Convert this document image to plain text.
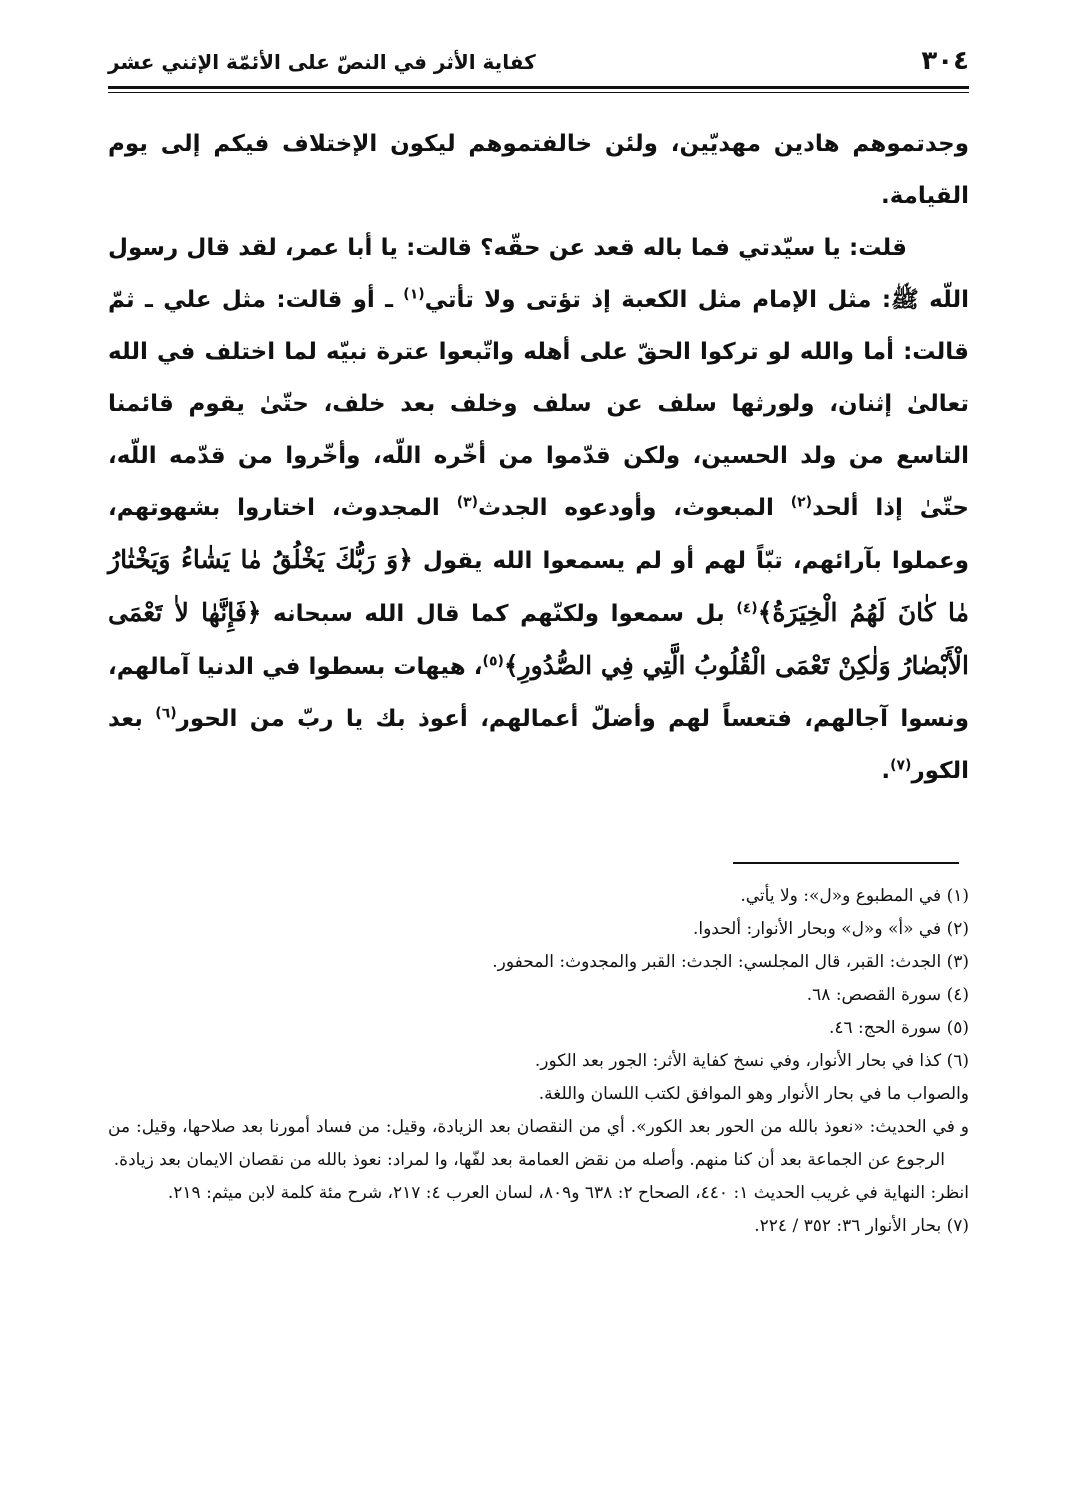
٣٠٤
كفاية الأثر في النصّ على الأئمّة الإثني عشر

وجدتموهم هادين مهديّين، ولئن خالفتموهم ليكون الإختلاف فيكم إلى يوم القيامة.

قلت: يا سيّدتي فما باله قعد عن حقّه؟ قالت: يا أبا عمر، لقد قال رسول اللّه ﷺ: مثل الإمام مثل الكعبة إذ تؤتى ولا تأتي$^{(١)}$ ـ أو قالت: مثل علي ـ ثمّ قالت: أما والله لو تركوا الحقّ على أهله واتّبعوا عترة نبيّه لما اختلف في الله تعالىٰ إثنان، ولورثها سلف عن سلف وخلف بعد خلف، حتّىٰ يقوم قائمنا التاسع من ولد الحسين، ولكن قدّموا من أخّره اللّه، وأخّروا من قدّمه اللّه، حتّىٰ إذا ألحد$^{(٢)}$ المبعوث، وأودعوه الجدث$^{(٣)}$ المجدوث، اختاروا بشهوتهم، وعملوا بآرائهم، تبّاً لهم أو لم يسمعوا الله يقول ﴿وَ رَبُّكَ يَخْلُقُ مٰا يَشٰاءُ وَيَخْتٰارُ مٰا كٰانَ لَهُمُ الْخِيَرَةُ﴾$^{(٤)}$ بل سمعوا ولكنّهم كما قال الله سبحانه ﴿فَإِنَّهٰا لاٰ تَعْمَى الْأَبْصٰارُ وَلٰكِنْ تَعْمَى الْقُلُوبُ الَّتِي فِي الصُّدُورِ﴾$^{(٥)}$، هيهات بسطوا في الدنيا آمالهم، ونسوا آجالهم، فتعساً لهم وأضلّ أعمالهم، أعوذ بك يا ربّ من الحور$^{(٦)}$ بعد الكور$^{(٧)}$.

(١) في المطبوع و«ل»: ولا يأتي.

(٢) في «أ» و«ل» وبحار الأنوار: ألحدوا.

(٣) الجدث: القبر، قال المجلسي: الجدث: القبر والمجدوث: المحفور.

(٤) سورة القصص: ٦٨.

(٥) سورة الحج: ٤٦.

(٦) كذا في بحار الأنوار، وفي نسخ كفاية الأثر: الجور بعد الكور.

والصواب ما في بحار الأنوار وهو الموافق لكتب اللسان واللغة.

و في الحديث: «نعوذ بالله من الحور بعد الكور». أي من النقصان بعد الزيادة، وقيل: من فساد أمورنا بعد صلاحها، وقيل: من الرجوع عن الجماعة بعد أن كنا منهم. وأصله من نقض العمامة بعد لفّها، وا لمراد: نعوذ بالله من نقصان الايمان بعد زيادة.

انظر: النهاية في غريب الحديث ١: ٤٤٠، الصحاح ٢: ٦٣٨ و٨٠٩، لسان العرب ٤: ٢١٧، شرح مئة كلمة لابن ميثم: ٢١٩.

(٧) بحار الأنوار ٣٦: ٣٥٢ / ٢٢٤.
